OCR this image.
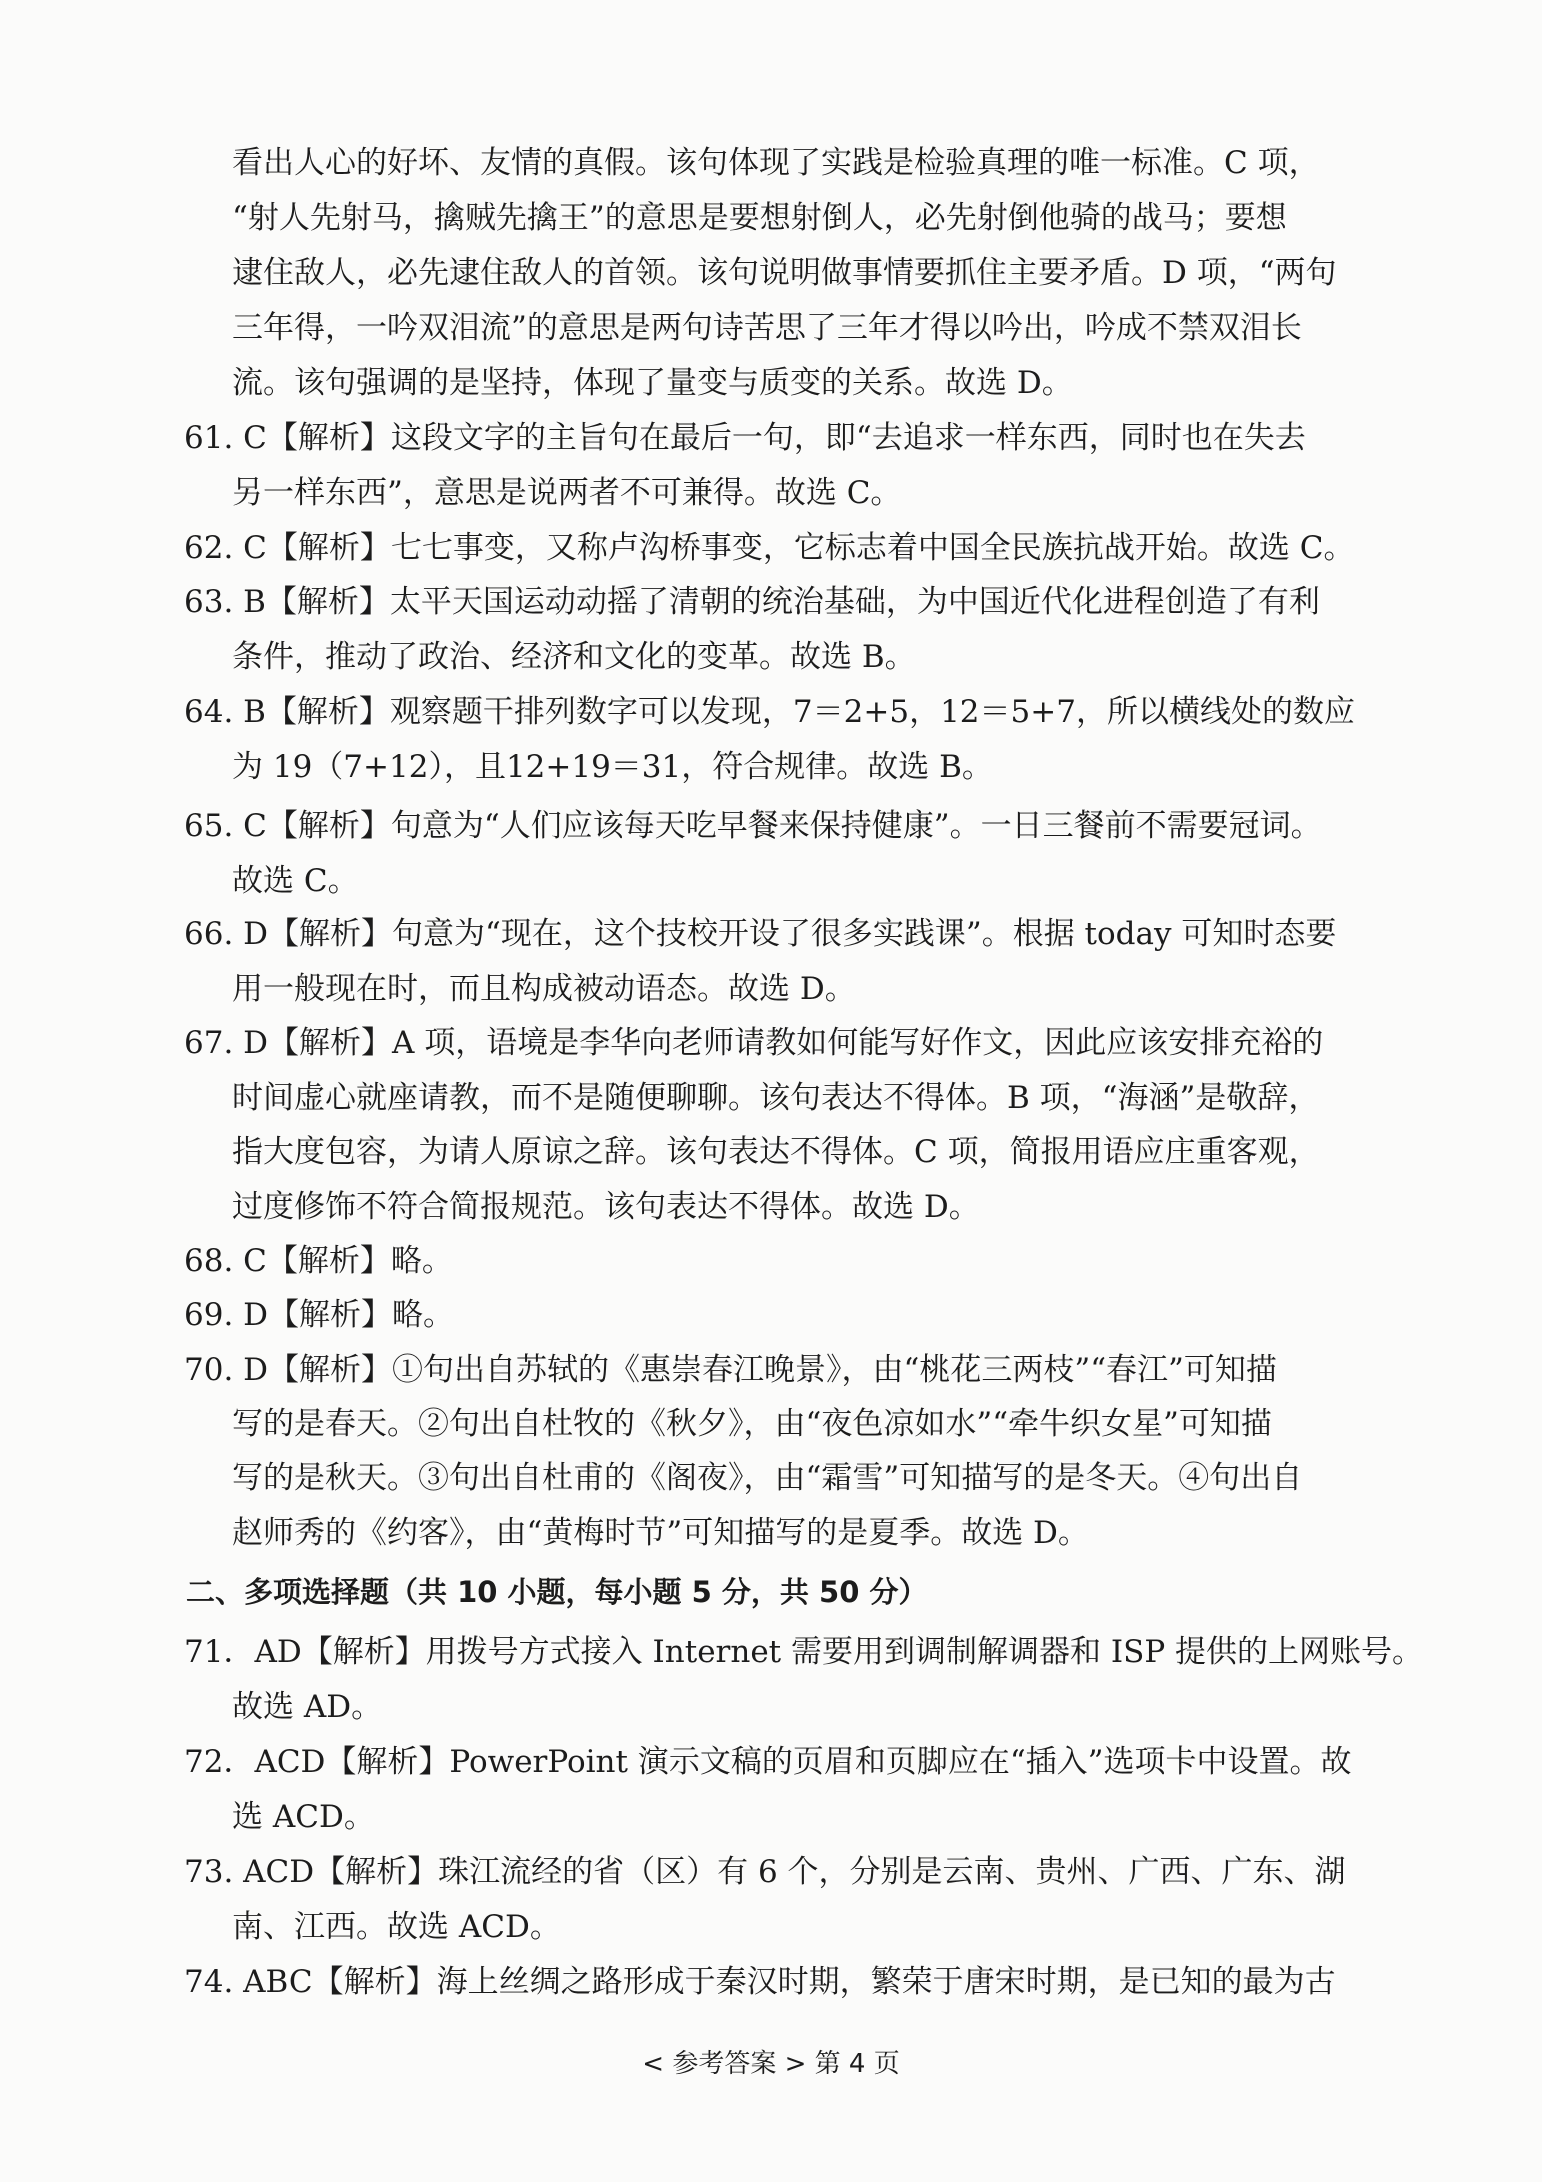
看出人心的好坏、友情的真假。该句体现了实践是检验真理的唯一标准。C 项，
“射人先射马，擒贼先擒王”的意思是要想射倒人，必先射倒他骑的战马；要想
逮住敌人，必先逮住敌人的首领。该句说明做事情要抓住主要矛盾。D 项，“两句
三年得，一吟双泪流”的意思是两句诗苦思了三年才得以吟出，吟成不禁双泪长
流。该句强调的是坚持，体现了量变与质变的关系。故选 D。
61. C【解析】这段文字的主旨句在最后一句，即“去追求一样东西，同时也在失去
另一样东西”，意思是说两者不可兼得。故选 C。
62. C【解析】七七事变，又称卢沟桥事变，它标志着中国全民族抗战开始。故选 C。
63. B【解析】太平天国运动动摇了清朝的统治基础，为中国近代化进程创造了有利
条件，推动了政治、经济和文化的变革。故选 B。
64. B【解析】观察题干排列数字可以发现，7＝2+5，12＝5+7，所以横线处的数应
为 19（7+12），且12+19＝31，符合规律。故选 B。
65. C【解析】句意为“人们应该每天吃早餐来保持健康”。一日三餐前不需要冠词。
故选 C。
66. D【解析】句意为“现在，这个技校开设了很多实践课”。根据 today 可知时态要
用一般现在时，而且构成被动语态。故选 D。
67. D【解析】A 项，语境是李华向老师请教如何能写好作文，因此应该安排充裕的
时间虚心就座请教，而不是随便聊聊。该句表达不得体。B 项，“海涵”是敬辞，
指大度包容，为请人原谅之辞。该句表达不得体。C 项，简报用语应庄重客观，
过度修饰不符合简报规范。该句表达不得体。故选 D。
68. C【解析】略。
69. D【解析】略。
70. D【解析】①句出自苏轼的《惠崇春江晚景》，由“桃花三两枝”“春江”可知描
写的是春天。②句出自杜牧的《秋夕》，由“夜色凉如水”“牵牛织女星”可知描
写的是秋天。③句出自杜甫的《阁夜》，由“霜雪”可知描写的是冬天。④句出自
赵师秀的《约客》，由“黄梅时节”可知描写的是夏季。故选 D。
二、多项选择题（共 10 小题，每小题 5 分，共 50 分）
71．AD【解析】用拨号方式接入 Internet 需要用到调制解调器和 ISP 提供的上网账号。
故选 AD。
72．ACD【解析】PowerPoint 演示文稿的页眉和页脚应在“插入”选项卡中设置。故
选 ACD。
73. ACD【解析】珠江流经的省（区）有 6 个，分别是云南、贵州、广西、广东、湖
南、江西。故选 ACD。
74. ABC【解析】海上丝绸之路形成于秦汉时期，繁荣于唐宋时期，是已知的最为古
< 参考答案 > 第 4 页
